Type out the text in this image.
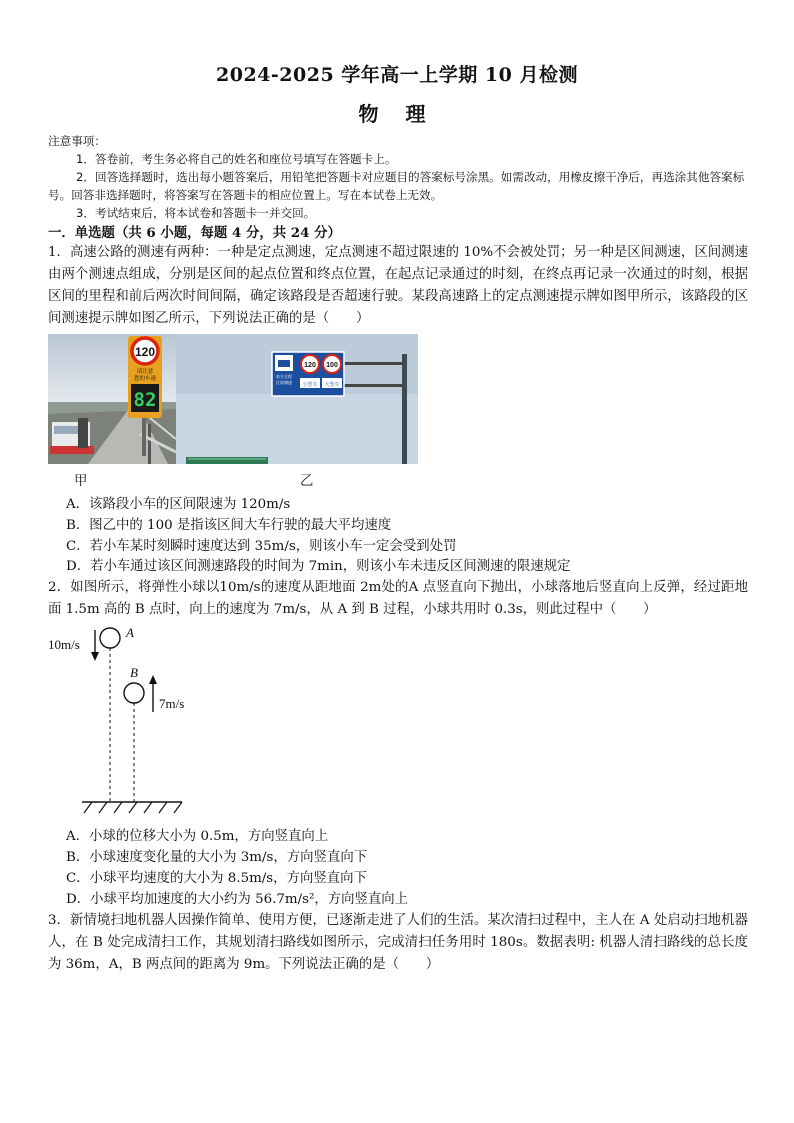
2024-2025 学年高一上学期 10 月检测
物 理

注意事项：

1．答卷前，考生务必将自己的姓名和座位号填写在答题卡上。

2．回答选择题时，选出每小题答案后，用铅笔把答题卡对应题目的答案标号涂黑。如需改动，用橡皮擦干净后，再选涂其他答案标号。回答非选择题时，将答案写在答题卡的相应位置上。写在本试卷上无效。

3．考试结束后，将本试卷和答题卡一并交回。

一．单选题（共 6 小题，每题 4 分，共 24 分）

1．高速公路的测速有两种：一种是定点测速，定点测速不超过限速的 10%不会被处罚；另一种是区间测速，区间测速由两个测速点组成，分别是区间的起点位置和终点位置，在起点记录通过的时刻，在终点再记录一次通过的时刻，根据区间的里程和前后两次时间间隔，确定该路段是否超速行驶。某段高速路上的定点测速提示牌如图甲所示，该路段的区间测速提示牌如图乙所示，下列说法正确的是（　　）

120
请注意
您的车速
82
前方全程
区间测速
120 100
小型车 大型车
甲	乙
A．该路段小车的区间限速为 120m/s
B．图乙中的 100 是指该区间大车行驶的最大平均速度
C．若小车某时刻瞬时速度达到 35m/s，则该小车一定会受到处罚
D．若小车通过该区间测速路段的时间为 7min，则该小车未违反区间测速的限速规定

2．如图所示，将弹性小球以10m/s的速度从距地面 2m处的A 点竖直向下抛出，小球落地后竖直向上反弹，经过距地面 1.5m 高的 B 点时，向上的速度为 7m/s，从 A 到 B 过程，小球共用时 0.3s，则此过程中（　　）

10m/s
A
B
7m/s
A．小球的位移大小为 0.5m，方向竖直向上
B．小球速度变化量的大小为 3m/s，方向竖直向下
C．小球平均速度的大小为 8.5m/s，方向竖直向下
D．小球平均加速度的大小约为 56.7m/s²，方向竖直向上

3．新情境扫地机器人因操作简单、使用方便，已逐渐走进了人们的生活。某次清扫过程中，主人在 A 处启动扫地机器人，在 B 处完成清扫工作，其规划清扫路线如图所示，完成清扫任务用时 180s。数据表明: 机器人清扫路线的总长度为 36m，A，B 两点间的距离为 9m。下列说法正确的是（　　）
